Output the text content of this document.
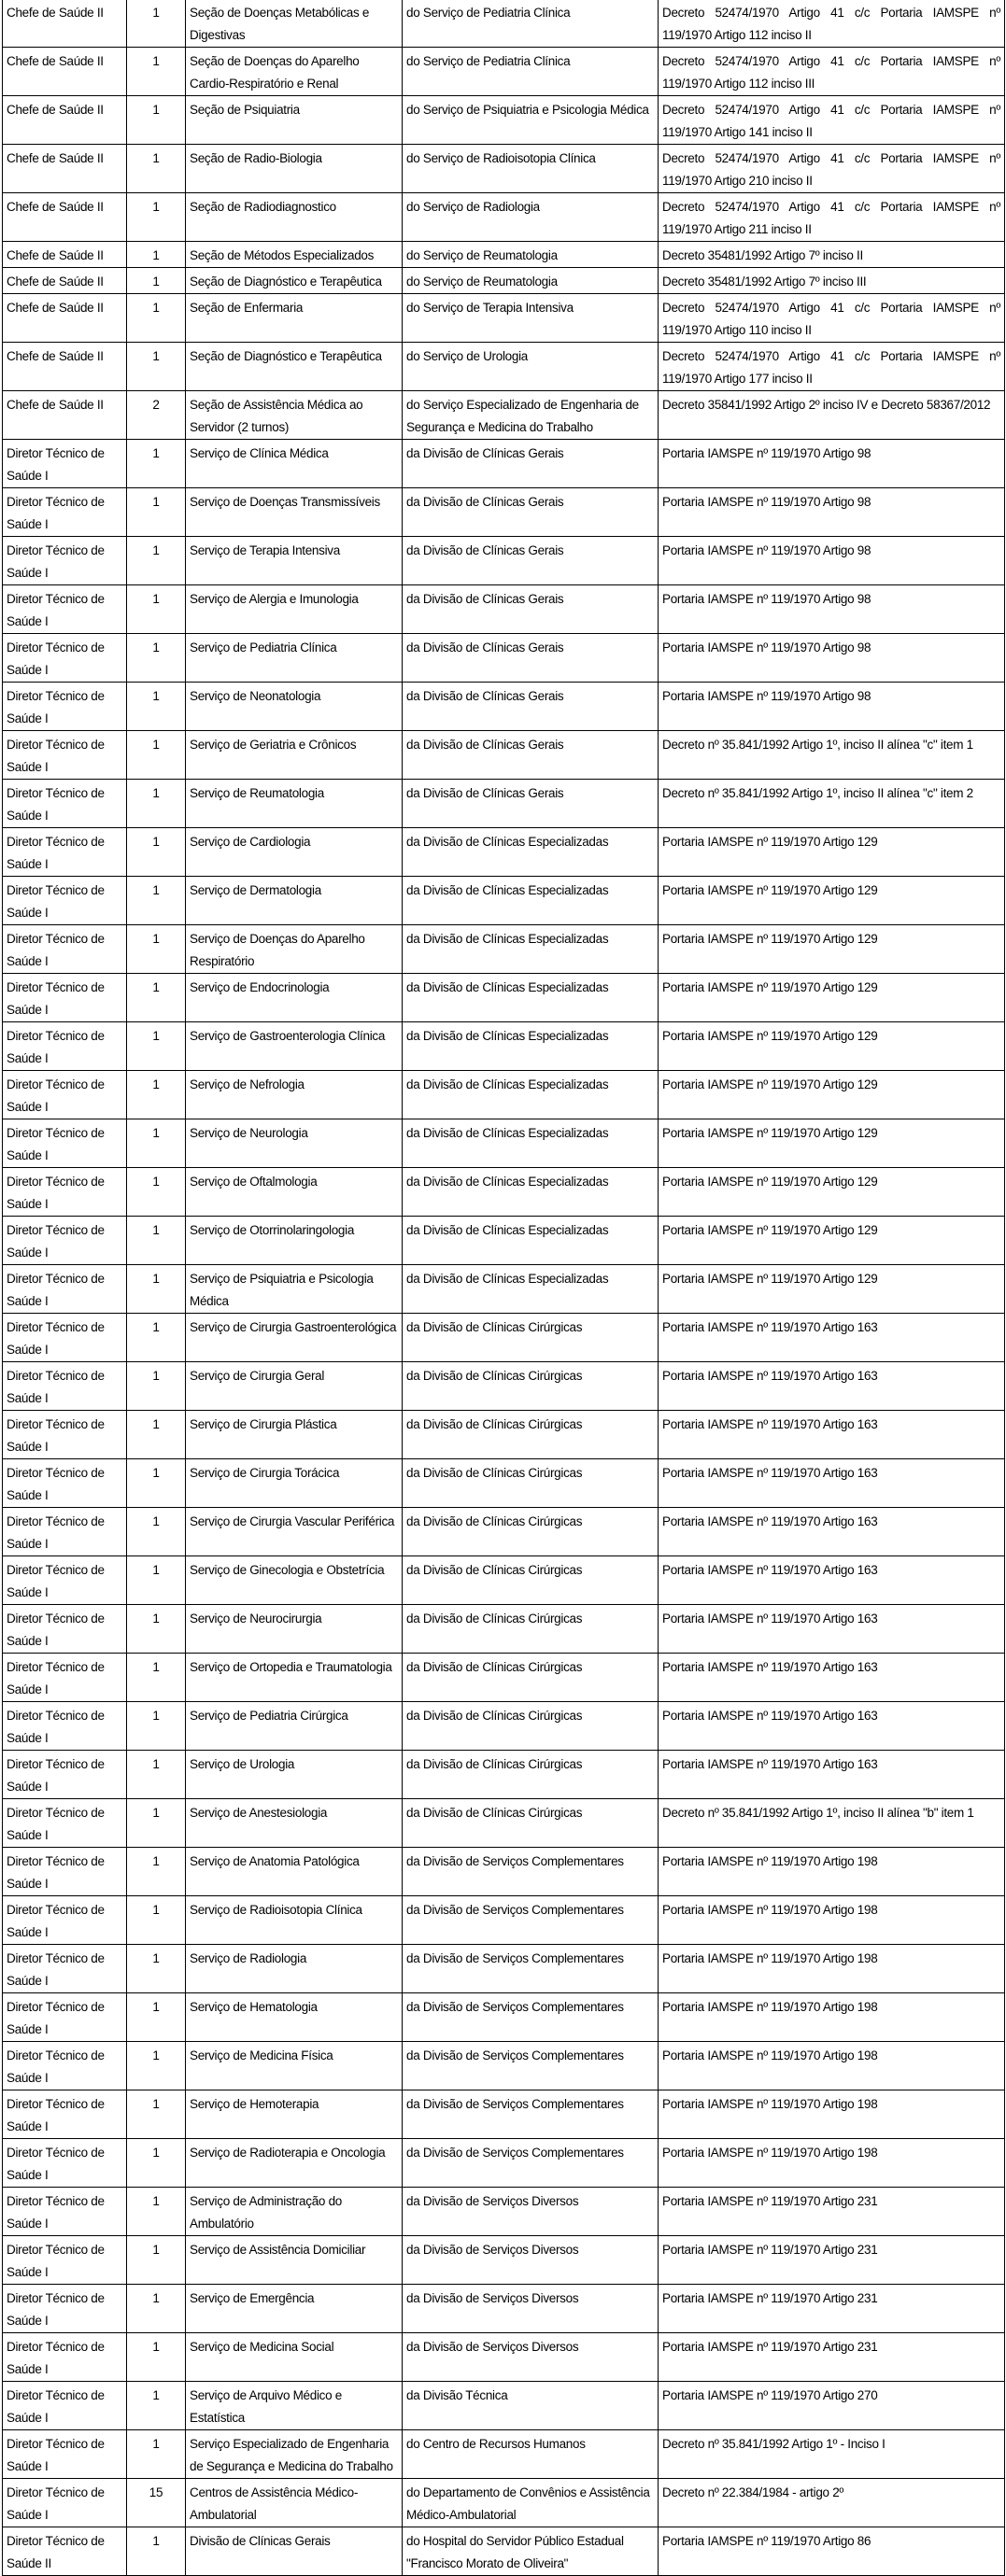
Chefe de Saúde II	1	Seção de Doenças Metabólicas e Digestivas	do Serviço de Pediatria Clínica	Decreto 52474/1970 Artigo 41 c/c Portaria IAMSPE nº 119/1970 Artigo 112 inciso II
Chefe de Saúde II	1	Seção de Doenças do Aparelho Cardio-Respiratório e Renal	do Serviço de Pediatria Clínica	Decreto 52474/1970 Artigo 41 c/c Portaria IAMSPE nº 119/1970 Artigo 112 inciso III
Chefe de Saúde II	1	Seção de Psiquiatria	do Serviço de Psiquiatria e Psicologia Médica	Decreto 52474/1970 Artigo 41 c/c Portaria IAMSPE nº 119/1970 Artigo 141 inciso II
Chefe de Saúde II	1	Seção de Radio-Biologia	do Serviço de Radioisotopia Clínica	Decreto 52474/1970 Artigo 41 c/c Portaria IAMSPE nº 119/1970 Artigo 210 inciso II
Chefe de Saúde II	1	Seção de Radiodiagnostico	do Serviço de Radiologia	Decreto 52474/1970 Artigo 41 c/c Portaria IAMSPE nº 119/1970 Artigo 211 inciso II
Chefe de Saúde II	1	Seção de Métodos Especializados	do Serviço de Reumatologia	Decreto 35481/1992 Artigo 7º inciso II
Chefe de Saúde II	1	Seção de Diagnóstico e Terapêutica	do Serviço de Reumatologia	Decreto 35481/1992 Artigo 7º inciso III
Chefe de Saúde II	1	Seção de Enfermaria	do Serviço de Terapia Intensiva	Decreto 52474/1970 Artigo 41 c/c Portaria IAMSPE nº 119/1970 Artigo 110 inciso II
Chefe de Saúde II	1	Seção de Diagnóstico e Terapêutica	do Serviço de Urologia	Decreto 52474/1970 Artigo 41 c/c Portaria IAMSPE nº 119/1970 Artigo 177 inciso II
Chefe de Saúde II	2	Seção de Assistência Médica ao Servidor (2 turnos)	do Serviço Especializado de Engenharia de Segurança e Medicina do Trabalho	Decreto 35841/1992 Artigo 2º inciso IV e Decreto 58367/2012
Diretor Técnico de Saúde I	1	Serviço de Clínica Médica	da Divisão de Clínicas Gerais	Portaria IAMSPE nº 119/1970 Artigo 98
Diretor Técnico de Saúde I	1	Serviço de Doenças Transmissíveis	da Divisão de Clínicas Gerais	Portaria IAMSPE nº 119/1970 Artigo 98
Diretor Técnico de Saúde I	1	Serviço de Terapia Intensiva	da Divisão de Clínicas Gerais	Portaria IAMSPE nº 119/1970 Artigo 98
Diretor Técnico de Saúde I	1	Serviço de Alergia e Imunologia	da Divisão de Clínicas Gerais	Portaria IAMSPE nº 119/1970 Artigo 98
Diretor Técnico de Saúde I	1	Serviço de Pediatria Clínica	da Divisão de Clínicas Gerais	Portaria IAMSPE nº 119/1970 Artigo 98
Diretor Técnico de Saúde I	1	Serviço de Neonatologia	da Divisão de Clínicas Gerais	Portaria IAMSPE nº 119/1970 Artigo 98
Diretor Técnico de Saúde I	1	Serviço de Geriatria e Crônicos	da Divisão de Clínicas Gerais	Decreto nº 35.841/1992 Artigo 1º, inciso II alínea "c" item 1
Diretor Técnico de Saúde I	1	Serviço de Reumatologia	da Divisão de Clínicas Gerais	Decreto nº 35.841/1992 Artigo 1º, inciso II alínea "c" item 2
Diretor Técnico de Saúde I	1	Serviço de Cardiologia	da Divisão de Clínicas Especializadas	Portaria IAMSPE nº 119/1970 Artigo 129
Diretor Técnico de Saúde I	1	Serviço de Dermatologia	da Divisão de Clínicas Especializadas	Portaria IAMSPE nº 119/1970 Artigo 129
Diretor Técnico de Saúde I	1	Serviço de Doenças do Aparelho Respiratório	da Divisão de Clínicas Especializadas	Portaria IAMSPE nº 119/1970 Artigo 129
Diretor Técnico de Saúde I	1	Serviço de Endocrinologia	da Divisão de Clínicas Especializadas	Portaria IAMSPE nº 119/1970 Artigo 129
Diretor Técnico de Saúde I	1	Serviço de Gastroenterologia Clínica	da Divisão de Clínicas Especializadas	Portaria IAMSPE nº 119/1970 Artigo 129
Diretor Técnico de Saúde I	1	Serviço de Nefrologia	da Divisão de Clínicas Especializadas	Portaria IAMSPE nº 119/1970 Artigo 129
Diretor Técnico de Saúde I	1	Serviço de Neurologia	da Divisão de Clínicas Especializadas	Portaria IAMSPE nº 119/1970 Artigo 129
Diretor Técnico de Saúde I	1	Serviço de Oftalmologia	da Divisão de Clínicas Especializadas	Portaria IAMSPE nº 119/1970 Artigo 129
Diretor Técnico de Saúde I	1	Serviço de Otorrinolaringologia	da Divisão de Clínicas Especializadas	Portaria IAMSPE nº 119/1970 Artigo 129
Diretor Técnico de Saúde I	1	Serviço de Psiquiatria e Psicologia Médica	da Divisão de Clínicas Especializadas	Portaria IAMSPE nº 119/1970 Artigo 129
Diretor Técnico de Saúde I	1	Serviço de Cirurgia Gastroenterológica	da Divisão de Clínicas Cirúrgicas	Portaria IAMSPE nº 119/1970 Artigo 163
Diretor Técnico de Saúde I	1	Serviço de Cirurgia Geral	da Divisão de Clínicas Cirúrgicas	Portaria IAMSPE nº 119/1970 Artigo 163
Diretor Técnico de Saúde I	1	Serviço de Cirurgia Plástica	da Divisão de Clínicas Cirúrgicas	Portaria IAMSPE nº 119/1970 Artigo 163
Diretor Técnico de Saúde I	1	Serviço de Cirurgia Torácica	da Divisão de Clínicas Cirúrgicas	Portaria IAMSPE nº 119/1970 Artigo 163
Diretor Técnico de Saúde I	1	Serviço de Cirurgia Vascular Periférica	da Divisão de Clínicas Cirúrgicas	Portaria IAMSPE nº 119/1970 Artigo 163
Diretor Técnico de Saúde I	1	Serviço de Ginecologia e Obstetrícia	da Divisão de Clínicas Cirúrgicas	Portaria IAMSPE nº 119/1970 Artigo 163
Diretor Técnico de Saúde I	1	Serviço de Neurocirurgia	da Divisão de Clínicas Cirúrgicas	Portaria IAMSPE nº 119/1970 Artigo 163
Diretor Técnico de Saúde I	1	Serviço de Ortopedia e Traumatologia	da Divisão de Clínicas Cirúrgicas	Portaria IAMSPE nº 119/1970 Artigo 163
Diretor Técnico de Saúde I	1	Serviço de Pediatria Cirúrgica	da Divisão de Clínicas Cirúrgicas	Portaria IAMSPE nº 119/1970 Artigo 163
Diretor Técnico de Saúde I	1	Serviço de Urologia	da Divisão de Clínicas Cirúrgicas	Portaria IAMSPE nº 119/1970 Artigo 163
Diretor Técnico de Saúde I	1	Serviço de Anestesiologia	da Divisão de Clínicas Cirúrgicas	Decreto nº 35.841/1992 Artigo 1º, inciso II alínea "b" item 1
Diretor Técnico de Saúde I	1	Serviço de Anatomia Patológica	da Divisão de Serviços Complementares	Portaria IAMSPE nº 119/1970 Artigo 198
Diretor Técnico de Saúde I	1	Serviço de Radioisotopia Clínica	da Divisão de Serviços Complementares	Portaria IAMSPE nº 119/1970 Artigo 198
Diretor Técnico de Saúde I	1	Serviço de Radiologia	da Divisão de Serviços Complementares	Portaria IAMSPE nº 119/1970 Artigo 198
Diretor Técnico de Saúde I	1	Serviço de Hematologia	da Divisão de Serviços Complementares	Portaria IAMSPE nº 119/1970 Artigo 198
Diretor Técnico de Saúde I	1	Serviço de Medicina Física	da Divisão de Serviços Complementares	Portaria IAMSPE nº 119/1970 Artigo 198
Diretor Técnico de Saúde I	1	Serviço de Hemoterapia	da Divisão de Serviços Complementares	Portaria IAMSPE nº 119/1970 Artigo 198
Diretor Técnico de Saúde I	1	Serviço de Radioterapia e Oncologia	da Divisão de Serviços Complementares	Portaria IAMSPE nº 119/1970 Artigo 198
Diretor Técnico de Saúde I	1	Serviço de Administração do Ambulatório	da Divisão de Serviços Diversos	Portaria IAMSPE nº 119/1970 Artigo 231
Diretor Técnico de Saúde I	1	Serviço de Assistência Domiciliar	da Divisão de Serviços Diversos	Portaria IAMSPE nº 119/1970 Artigo 231
Diretor Técnico de Saúde I	1	Serviço de Emergência	da Divisão de Serviços Diversos	Portaria IAMSPE nº 119/1970 Artigo 231
Diretor Técnico de Saúde I	1	Serviço de Medicina Social	da Divisão de Serviços Diversos	Portaria IAMSPE nº 119/1970 Artigo 231
Diretor Técnico de Saúde I	1	Serviço de Arquivo Médico e Estatística	da Divisão Técnica	Portaria IAMSPE nº 119/1970 Artigo 270
Diretor Técnico de Saúde I	1	Serviço Especializado de Engenharia de Segurança e Medicina do Trabalho	do Centro de Recursos Humanos	Decreto nº 35.841/1992 Artigo 1º - Inciso I
Diretor Técnico de Saúde I	15	Centros de Assistência Médico-Ambulatorial	do Departamento de Convênios e Assistência Médico-Ambulatorial	Decreto nº 22.384/1984 - artigo 2º
Diretor Técnico de Saúde II	1	Divisão de Clínicas Gerais	do Hospital do Servidor Público Estadual "Francisco Morato de Oliveira"	Portaria IAMSPE nº 119/1970 Artigo 86
